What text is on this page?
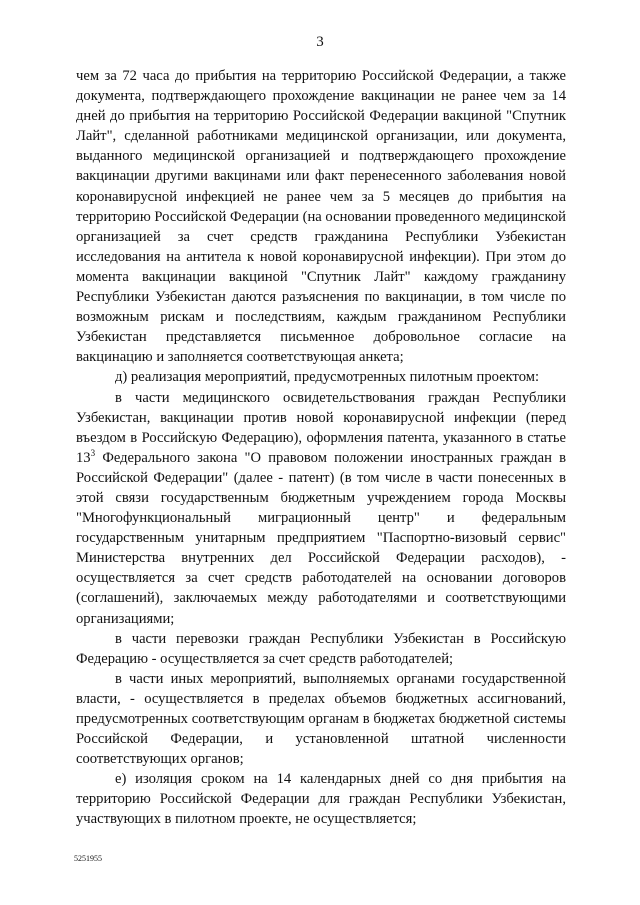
3

чем за 72 часа до прибытия на территорию Российской Федерации, а также документа, подтверждающего прохождение вакцинации не ранее чем за 14 дней до прибытия на территорию Российской Федерации вакциной "Спутник Лайт", сделанной работниками медицинской организации, или документа, выданного медицинской организацией и подтверждающего прохождение вакцинации другими вакцинами или факт перенесенного заболевания новой коронавирусной инфекцией не ранее чем за 5 месяцев до прибытия на территорию Российской Федерации (на основании проведенного медицинской организацией за счет средств гражданина Республики Узбекистан исследования на антитела к новой коронавирусной инфекции). При этом до момента вакцинации вакциной "Спутник Лайт" каждому гражданину Республики Узбекистан даются разъяснения по вакцинации, в том числе по возможным рискам и последствиям, каждым гражданином Республики Узбекистан представляется письменное добровольное согласие на вакцинацию и заполняется соответствующая анкета;

д) реализация мероприятий, предусмотренных пилотным проектом:

в части медицинского освидетельствования граждан Республики Узбекистан, вакцинации против новой коронавирусной инфекции (перед въездом в Российскую Федерацию), оформления патента, указанного в статье $13^3$ Федерального закона "О правовом положении иностранных граждан в Российской Федерации" (далее - патент) (в том числе в части понесенных в этой связи государственным бюджетным учреждением города Москвы "Многофункциональный миграционный центр" и федеральным государственным унитарным предприятием "Паспортно-визовый сервис" Министерства внутренних дел Российской Федерации расходов), - осуществляется за счет средств работодателей на основании договоров (соглашений), заключаемых между работодателями и соответствующими организациями;

в части перевозки граждан Республики Узбекистан в Российскую Федерацию - осуществляется за счет средств работодателей;

в части иных мероприятий, выполняемых органами государственной власти, - осуществляется в пределах объемов бюджетных ассигнований, предусмотренных соответствующим органам в бюджетах бюджетной системы Российской Федерации, и установленной штатной численности соответствующих органов;

е) изоляция сроком на 14 календарных дней со дня прибытия на территорию Российской Федерации для граждан Республики Узбекистан, участвующих в пилотном проекте, не осуществляется;

5251955
